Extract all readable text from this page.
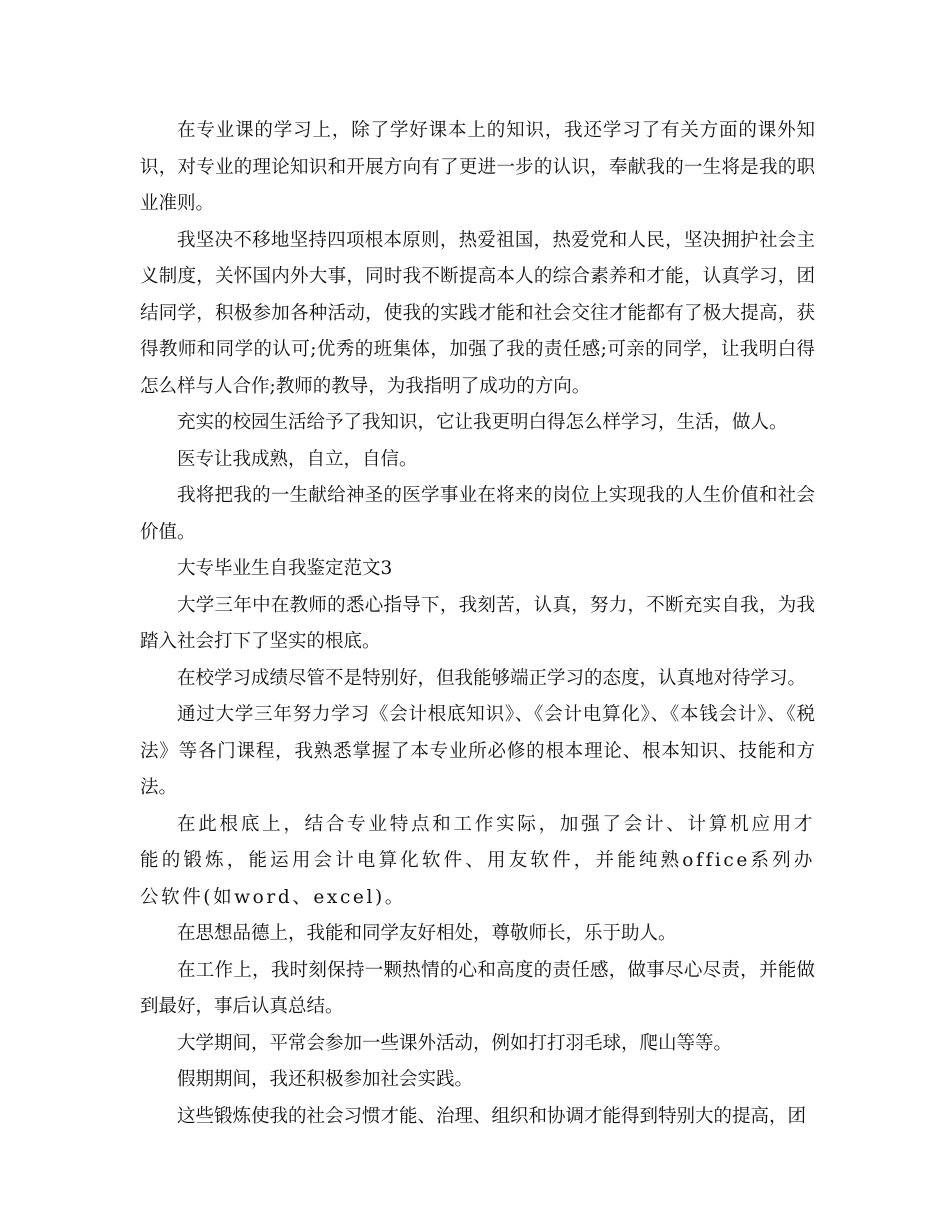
在专业课的学习上，除了学好课本上的知识，我还学习了有关方面的课外知识，对专业的理论知识和开展方向有了更进一步的认识，奉献我的一生将是我的职业准则。

我坚决不移地坚持四项根本原则，热爱祖国，热爱党和人民，坚决拥护社会主义制度，关怀国内外大事，同时我不断提高本人的综合素养和才能，认真学习，团结同学，积极参加各种活动，使我的实践才能和社会交往才能都有了极大提高，获得教师和同学的认可;优秀的班集体，加强了我的责任感;可亲的同学，让我明白得怎么样与人合作;教师的教导，为我指明了成功的方向。

充实的校园生活给予了我知识，它让我更明白得怎么样学习，生活，做人。

医专让我成熟，自立，自信。

我将把我的一生献给神圣的医学事业在将来的岗位上实现我的人生价值和社会价值。

大专毕业生自我鉴定范文3

大学三年中在教师的悉心指导下，我刻苦，认真，努力，不断充实自我，为我踏入社会打下了坚实的根底。

在校学习成绩尽管不是特别好，但我能够端正学习的态度，认真地对待学习。

通过大学三年努力学习《会计根底知识》、《会计电算化》、《本钱会计》、《税法》等各门课程，我熟悉掌握了本专业所必修的根本理论、根本知识、技能和方法。

在此根底上，结合专业特点和工作实际，加强了会计、计算机应用才能的锻炼，能运用会计电算化软件、用友软件，并能纯熟office系列办公软件(如word、excel)。

在思想品德上，我能和同学友好相处，尊敬师长，乐于助人。

在工作上，我时刻保持一颗热情的心和高度的责任感，做事尽心尽责，并能做到最好，事后认真总结。

大学期间，平常会参加一些课外活动，例如打打羽毛球，爬山等等。

假期期间，我还积极参加社会实践。

这些锻炼使我的社会习惯才能、治理、组织和协调才能得到特别大的提高，团
